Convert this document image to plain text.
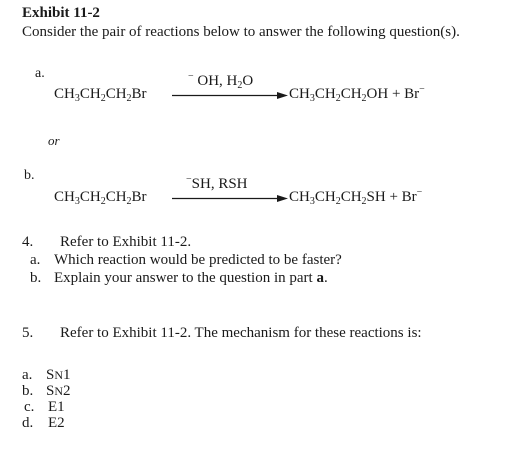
Exhibit 11-2
Consider the pair of reactions below to answer the following question(s).
a.
$CH_3CH_2CH_2Br$
− OH, $H_2O$
$CH_3CH_2CH_2OH + Br^-$
or
b.
$CH_3CH_2CH_2Br$
−SH, RSH
$CH_3CH_2CH_2SH + Br^-$
4. Refer to Exhibit 11-2.
a. Which reaction would be predicted to be faster?
b. Explain your answer to the question in part a.
5. Refer to Exhibit 11-2. The mechanism for these reactions is:
a. SN1
b. SN2
c. E1
d. E2
